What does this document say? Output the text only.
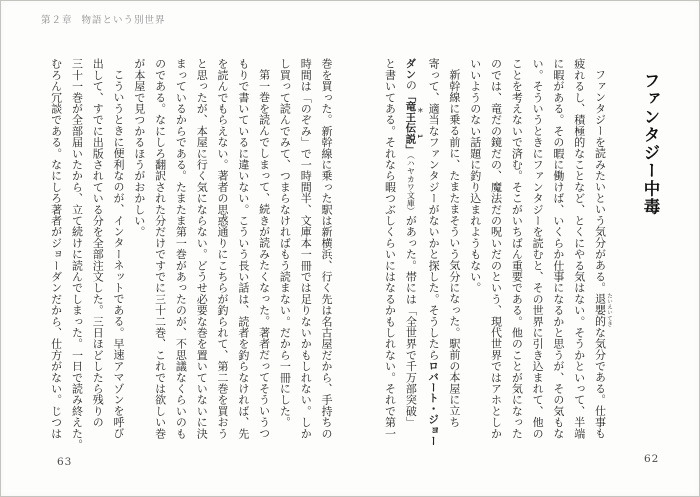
第２章 物語という別世界
ファンタジー中毒

ファンタジーを読みたいという気分がある。退嬰的 たいえいてきな気分である。仕事も

疲れるし、積極的なことなど、とくにやる気はない。そうかといって、半端

に暇がある。その暇に働けば、いくらか仕事になるかと思うが、その気もな

い。そういうときにファンタジーを読むと、その世界に引き込まれて、他の

ことを考えないで済む。そこがいちばん重要である。他のことが気になった

のでは、竜だの鏡だの、魔法だの呪いだのという、現代世界ではアホとしか

いいようのない話題に釣り込まれようもない。

新幹線に乗る前に、たまたまそういう気分になった。駅前の本屋に立ち

寄って、適当なファンタジーがないかと探した。そうしたらロバート・ジョー

ダンの「竜王伝説 ＊1」（ハヤカワ文庫）があった。帯には「全世界で千万部突破」

と書いてある。それなら暇つぶしくらいにはなるかもしれない。それで第一

巻を買った。新幹線に乗った駅は新横浜、行く先は名古屋だから、手持ちの

時間は「のぞみ」で一時間半、文庫本一冊では足りないかもしれない。しか

し買って読んでみて、つまらなければもう読まない。だから一冊にした。

第一巻を読んでしまって、続きが読みたくなった。著者だってそういうつ

もりで書いているに違いない。こういう長い話は、読者を釣らなければ、先

を読んでもらえない。著者の思惑通りにこちらが釣られて、第二巻を買おう

と思ったが、本屋に行く気にならない。どうせ必要な巻を置いていないに決

まっているからである。たまたま第一巻があったのが、不思議なくらいのも

のである。なにしろ翻訳された分だけですでに三十二巻、これでは欲しい巻

が本屋で見つかるほうがおかしい。

こういうときに便利なのが、インターネットである。早速アマゾンを呼び

出して、すでに出版されている分を全部注文した。三日ほどしたら残りの

三十一巻が全部届いたから、立て続けに読んでしまった。一日で読み終えた。

むろん冗談である。なにしろ著者がジョーダンだから、仕方がない。じつは

63	62
